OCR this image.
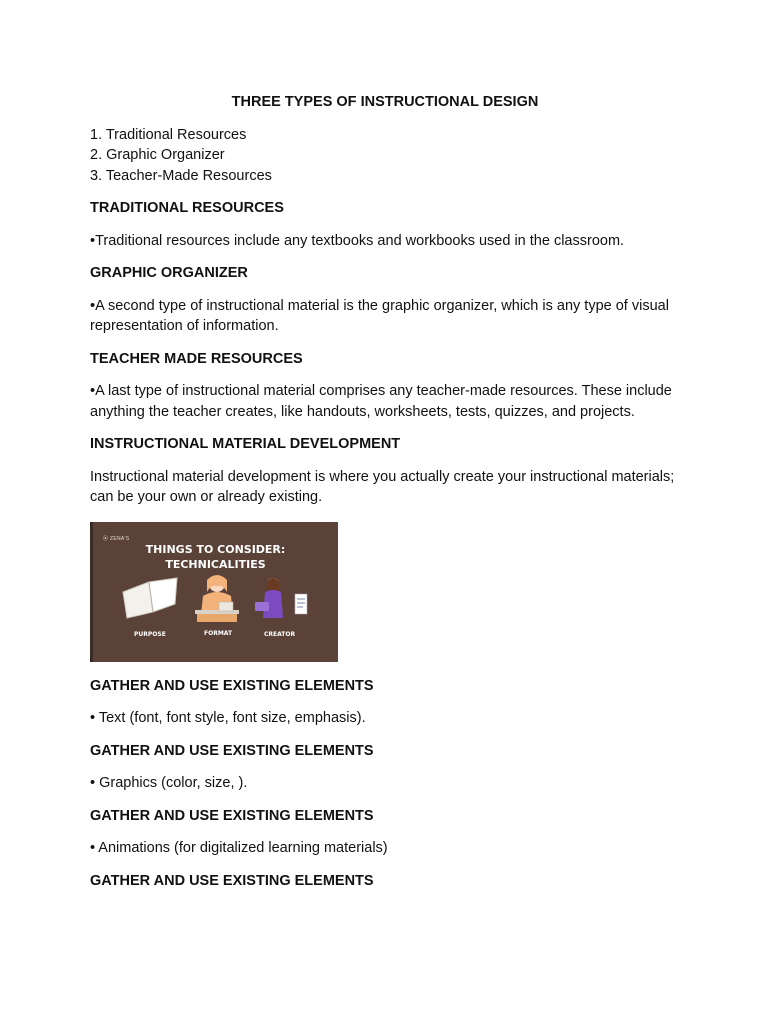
THREE TYPES OF INSTRUCTIONAL DESIGN
1. Traditional Resources
2. Graphic Organizer
3. Teacher-Made Resources
TRADITIONAL RESOURCES
•Traditional resources include any textbooks and workbooks used in the classroom.
GRAPHIC ORGANIZER
•A second type of instructional material is the graphic organizer, which is any type of visual representation of information.
TEACHER MADE RESOURCES
•A last type of instructional material comprises any teacher-made resources. These include anything the teacher creates, like handouts, worksheets, tests, quizzes, and projects.
INSTRUCTIONAL MATERIAL DEVELOPMENT
Instructional material development is where you actually create your instructional materials; can be your own or already existing.
⦿ ZENA'S
THINGS TO CONSIDER:
TECHNICALITIES
PURPOSE	FORMAT	CREATOR
GATHER AND USE EXISTING ELEMENTS
• Text (font, font style, font size, emphasis).
GATHER AND USE EXISTING ELEMENTS
• Graphics (color, size, ).
GATHER AND USE EXISTING ELEMENTS
• Animations (for digitalized learning materials)
GATHER AND USE EXISTING ELEMENTS
